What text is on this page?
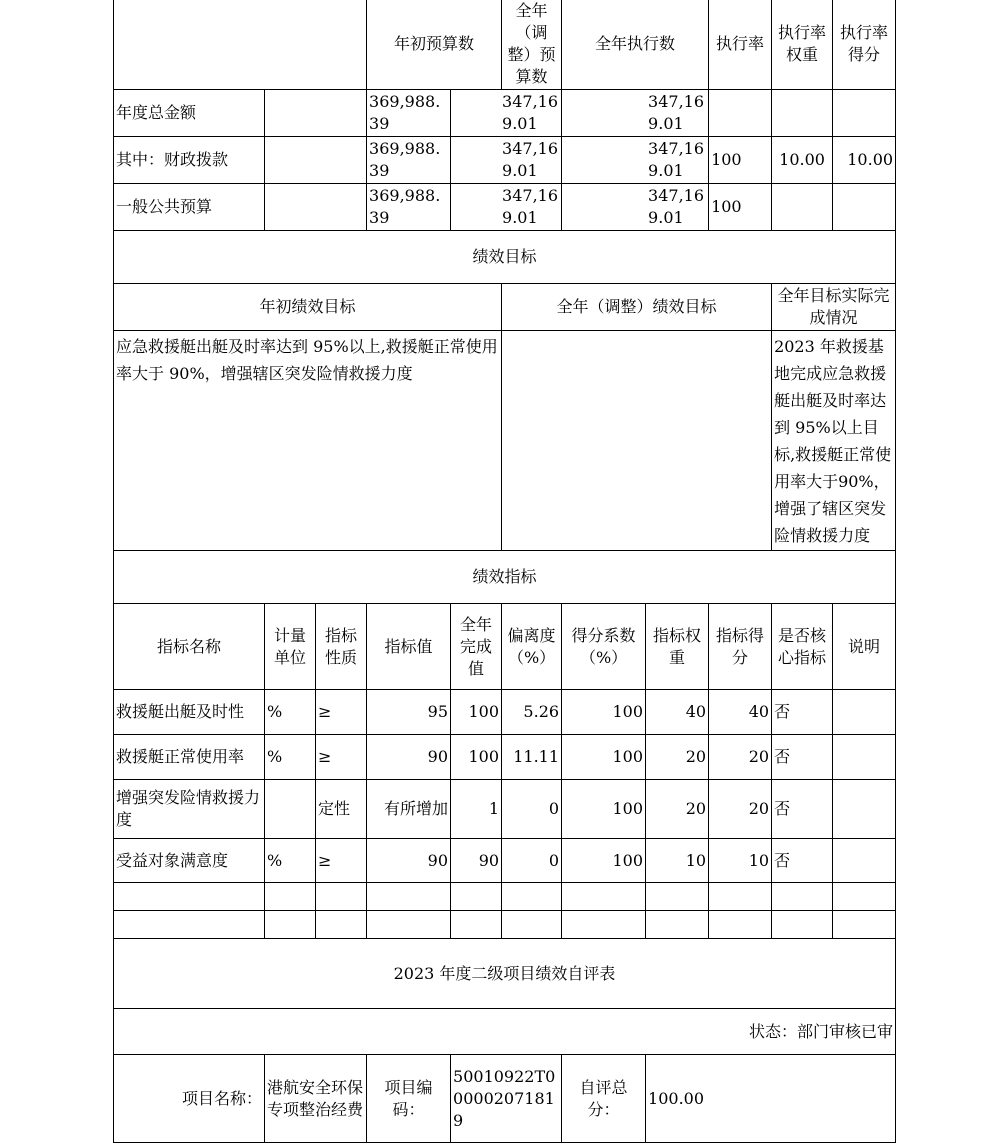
			年初预算数		全年（调整）预算数	全年执行数		执行率	执行率权重	执行率得分
年度总金额			369,988.39	347,169.01		347,169.01				
其中：财政拨款			369,988.39	347,169.01		347,169.01		100	10.00	10.00
一般公共预算			369,988.39	347,169.01		347,169.01		100		
绩效目标										
年初绩效目标					全年（调整）绩效目标				全年目标实际完成情况	
应急救援艇出艇及时率达到 95%以上,救援艇正常使用率大于 90%，增强辖区突发险情救援力度									2023 年救援基地完成应急救援艇出艇及时率达到 95%以上目标,救援艇正常使用率大于90%，增强了辖区突发险情救援力度	
绩效指标										
指标名称	计量单位	指标性质	指标值	全年完成值	偏离度（%）	得分系数（%）	指标权重	指标得分	是否核心指标	说明
救援艇出艇及时性	%	≥	95	100	5.26	100	40	40	否	
救援艇正常使用率	%	≥	90	100	11.11	100	20	20	否	
增强突发险情救援力度		定性	有所增加	1	0	100	20	20	否	
受益对象满意度	%	≥	90	90	0	100	10	10	否	

2023 年度二级项目绩效自评表										
状态：部门审核已审										
项目名称：	港航安全环保专项整治经费		项目编码：	50010922T000002071819		自评总分：	100.00			
